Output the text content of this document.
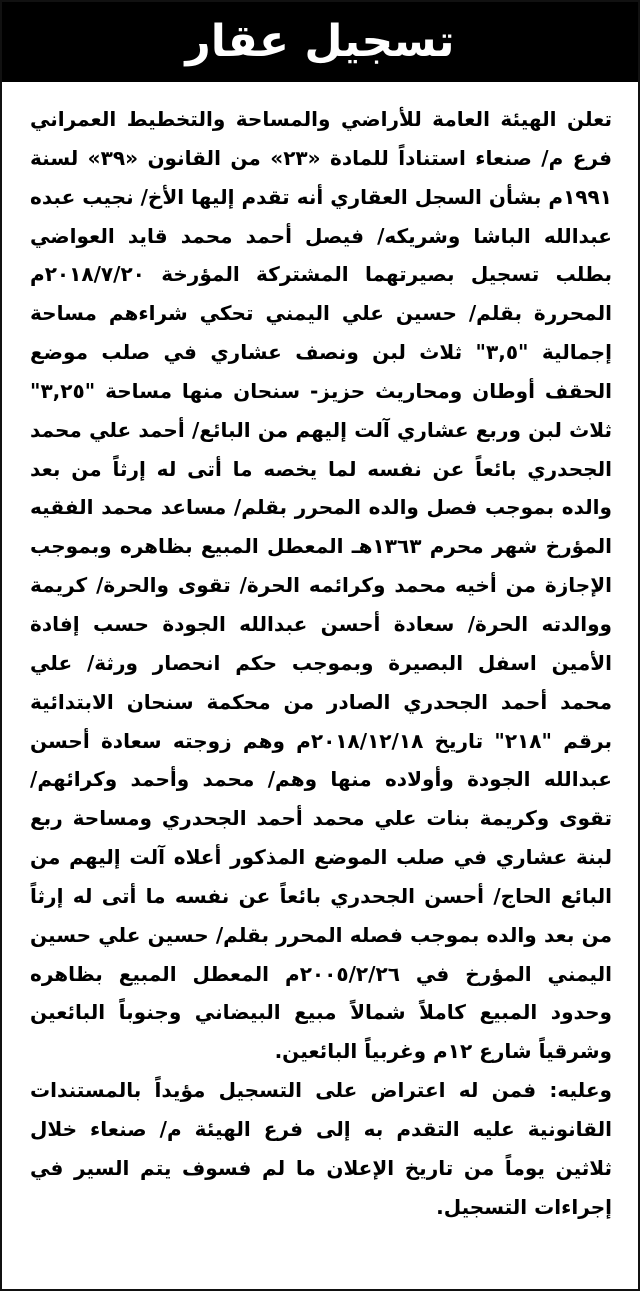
تسجيل عقار

تعلن الهيئة العامة للأراضي والمساحة والتخطيط العمراني فرع م/ صنعاء استناداً للمادة «٢٣» من القانون «٣٩» لسنة ١٩٩١م بشأن السجل العقاري أنه تقدم إليها الأخ/ نجيب عبده عبدالله الباشا وشريكه/ فيصل أحمد محمد قايد العواضي بطلب تسجيل بصيرتهما المشتركة المؤرخة ٢٠١٨/٧/٢٠م المحررة بقلم/ حسين علي اليمني تحكي شراءهم مساحة إجمالية "٣,٥" ثلاث لبن ونصف عشاري في صلب موضع الحقف أوطان ومحاريث حزيز- سنحان منها مساحة "٣,٢٥" ثلاث لبن وربع عشاري آلت إليهم من البائع/ أحمد علي محمد الجحدري بائعاً عن نفسه لما يخصه ما أتى له إرثاً من بعد والده بموجب فصل والده المحرر بقلم/ مساعد محمد الفقيه المؤرخ شهر محرم ١٣٦٣هـ المعطل المبيع بظاهره وبموجب الإجازة من أخيه محمد وكرائمه الحرة/ تقوى والحرة/ كريمة ووالدته الحرة/ سعادة أحسن عبدالله الجودة حسب إفادة الأمين اسفل البصيرة وبموجب حكم انحصار ورثة/ علي محمد أحمد الجحدري الصادر من محكمة سنحان الابتدائية برقم "٢١٨" تاريخ ٢٠١٨/١٢/١٨م وهم زوجته سعادة أحسن عبدالله الجودة وأولاده منها وهم/ محمد وأحمد وكرائهم/ تقوى وكريمة بنات علي محمد أحمد الجحدري ومساحة ربع لبنة عشاري في صلب الموضع المذكور أعلاه آلت إليهم من البائع الحاج/ أحسن الجحدري بائعاً عن نفسه ما أتى له إرثاً من بعد والده بموجب فصله المحرر بقلم/ حسين علي حسين اليمني المؤرخ في ٢٠٠٥/٢/٢٦م المعطل المبيع بظاهره وحدود المبيع كاملاً شمالاً مبيع البيضاني وجنوباً البائعين وشرقياً شارع ١٢م وغربياً البائعين.

وعليه: فمن له اعتراض على التسجيل مؤيداً بالمستندات القانونية عليه التقدم به إلى فرع الهيئة م/ صنعاء خلال ثلاثين يوماً من تاريخ الإعلان ما لم فسوف يتم السير في إجراءات التسجيل.
